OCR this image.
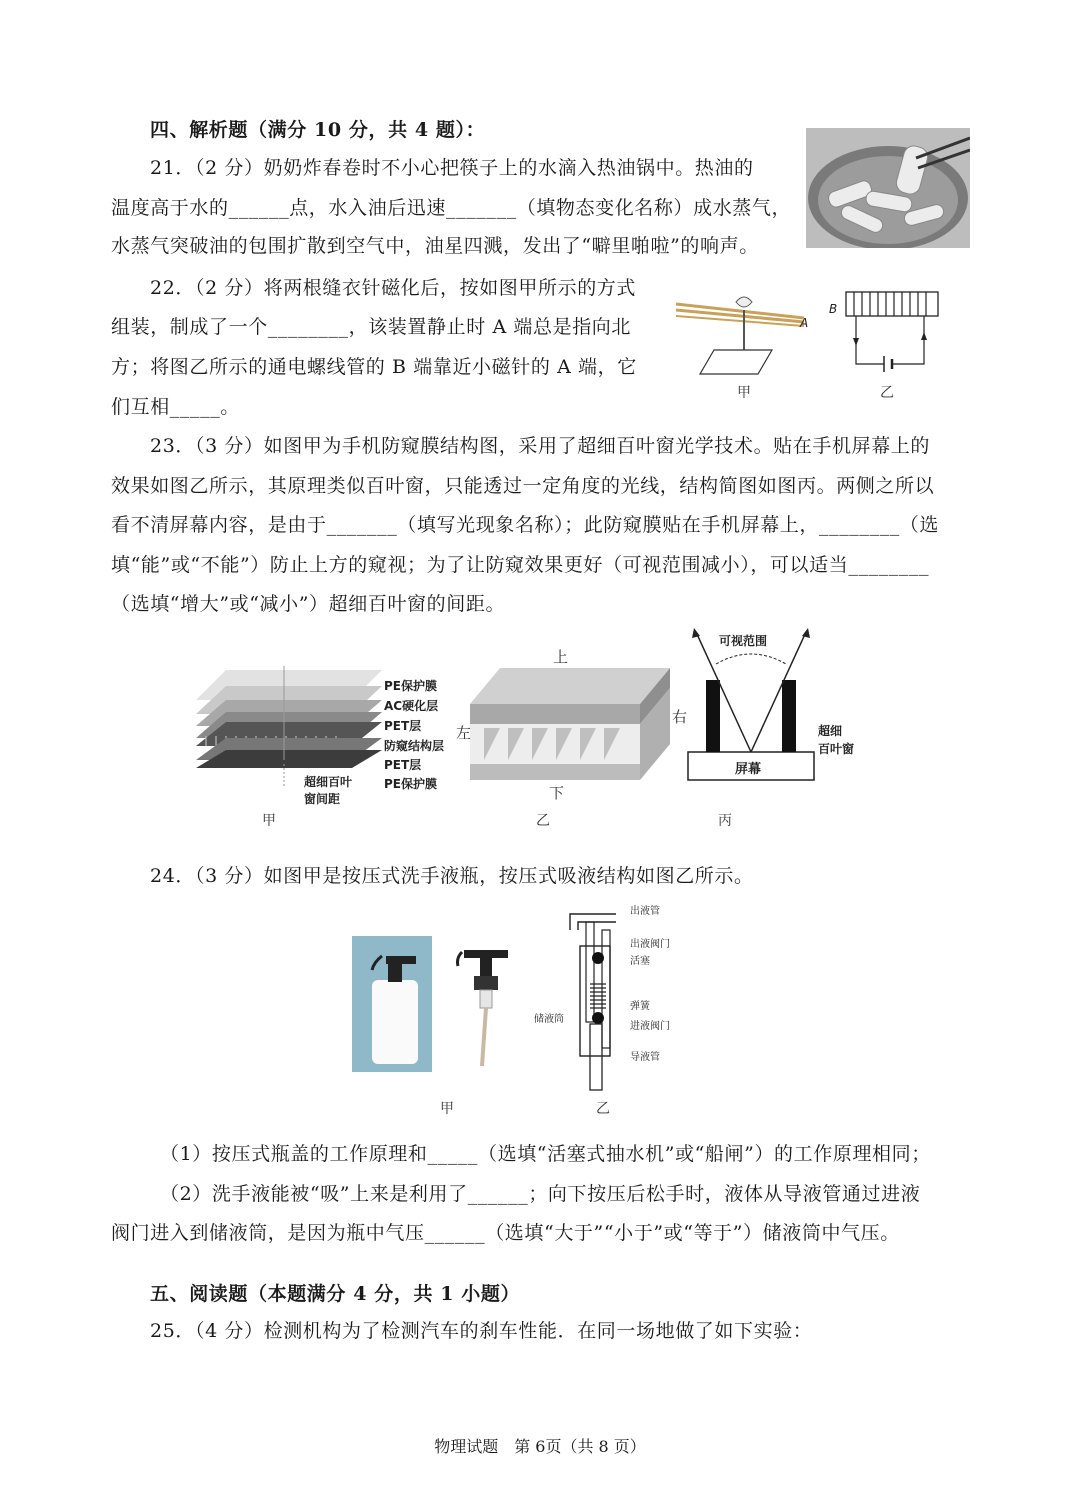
四、解析题（满分 10 分，共 4 题）：
21．（2 分）奶奶炸春卷时不小心把筷子上的水滴入热油锅中。热油的
温度高于水的______点，水入油后迅速_______（填物态变化名称）成水蒸气，
水蒸气突破油的包围扩散到空气中，油星四溅，发出了“噼里啪啦”的响声。
22．（2 分）将两根缝衣针磁化后，按如图甲所示的方式
组装，制成了一个________，该装置静止时 A 端总是指向北
方；将图乙所示的通电螺线管的 B 端靠近小磁针的 A 端，它
们互相_____。
A
甲
B
乙
23．（3 分）如图甲为手机防窥膜结构图，采用了超细百叶窗光学技术。贴在手机屏幕上的
效果如图乙所示，其原理类似百叶窗，只能透过一定角度的光线，结构简图如图丙。两侧之所以
看不清屏幕内容，是由于_______（填写光现象名称）；此防窥膜贴在手机屏幕上，________（选
填“能”或“不能”）防止上方的窥视；为了让防窥效果更好（可视范围减小），可以适当________
（选填“增大”或“减小”）超细百叶窗的间距。
PE保护膜
AC硬化层
PET层
防窥结构层
PET层
PE保护膜
超细百叶
窗间距
甲
上
下
左
右
乙
可视范围
屏幕
超细
百叶窗
丙
24．（3 分）如图甲是按压式洗手液瓶，按压式吸液结构如图乙所示。
甲
出液管
出液阀门
活塞
弹簧
储液筒
进液阀门
导液管
乙
（1）按压式瓶盖的工作原理和_____（选填“活塞式抽水机”或“船闸”）的工作原理相同；
（2）洗手液能被“吸”上来是利用了______；向下按压后松手时，液体从导液管通过进液
阀门进入到储液筒，是因为瓶中气压______（选填“大于”“小于”或“等于”）储液筒中气压。
五、阅读题（本题满分 4 分，共 1 小题）
25．（4 分）检测机构为了检测汽车的刹车性能．在同一场地做了如下实验：
物理试题　第 6页（共 8 页）
